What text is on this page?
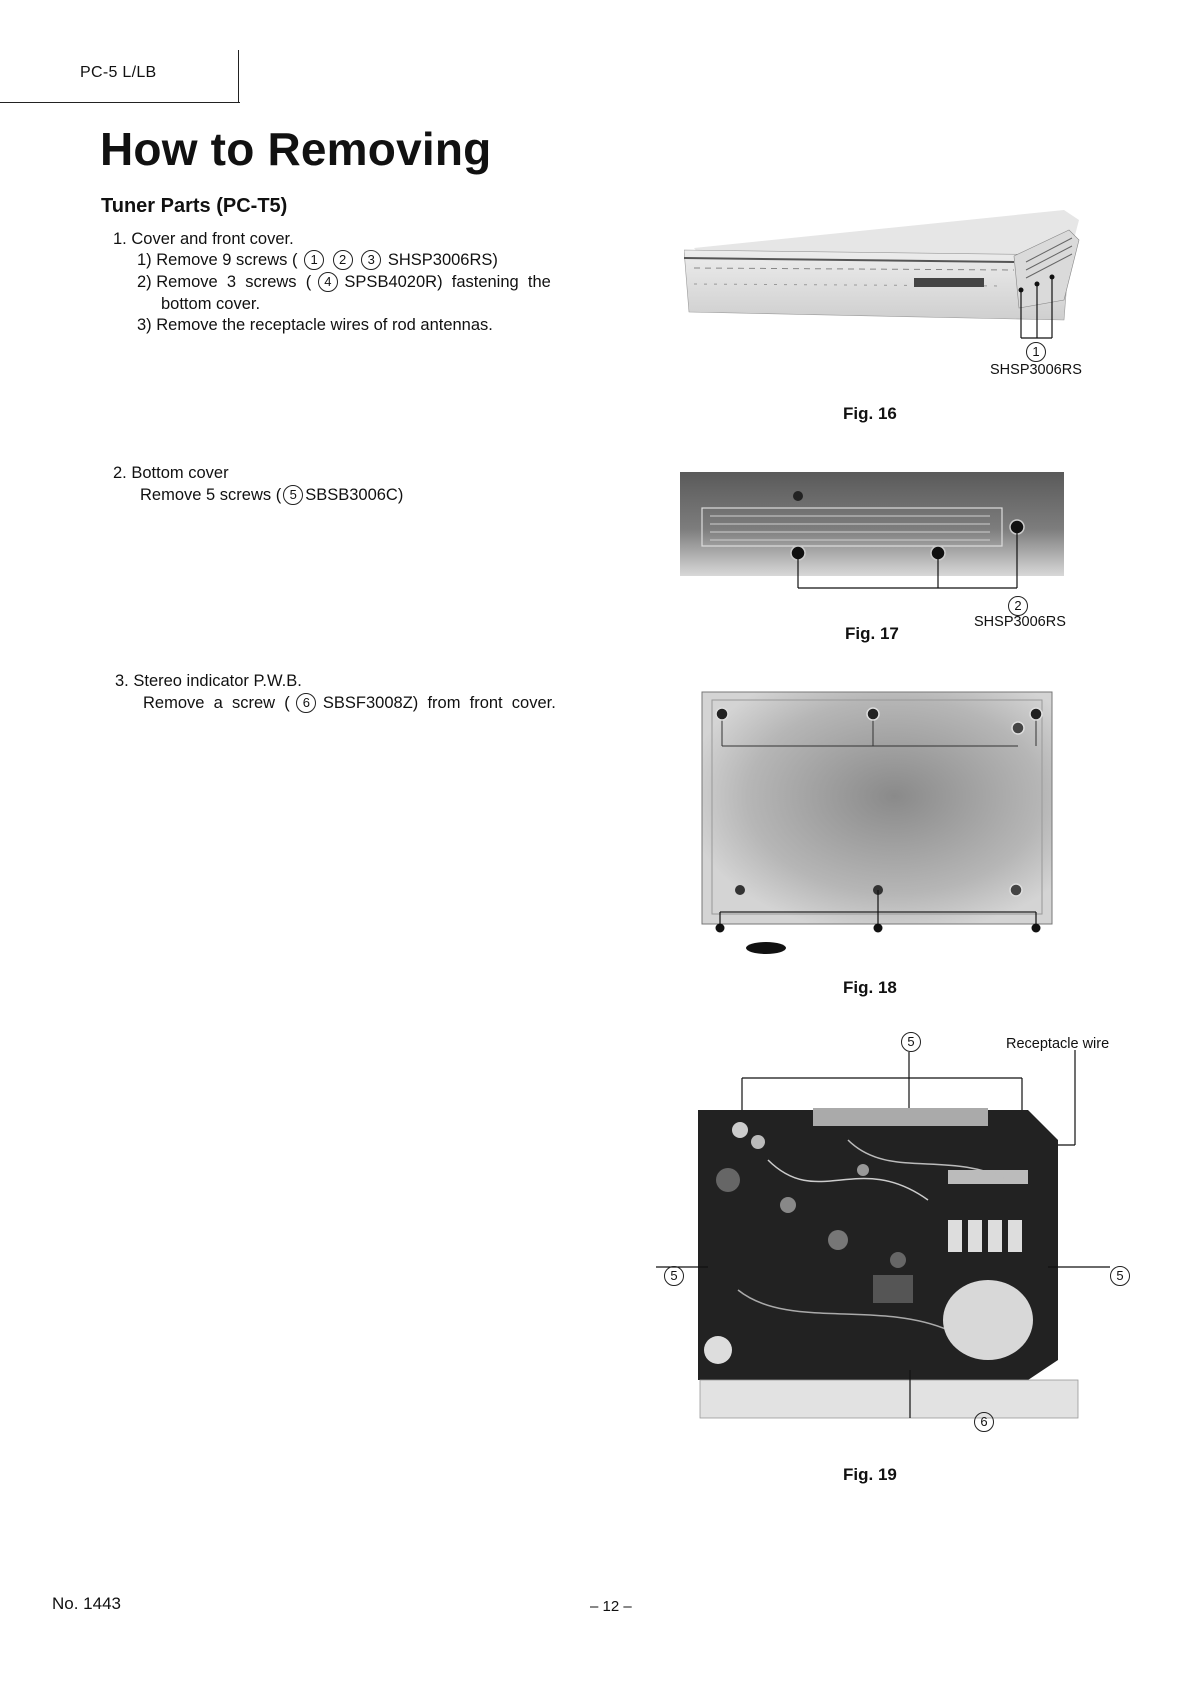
PC-5 L/LB
How to Removing
Tuner Parts (PC-T5)
1. Cover and front cover.
1) Remove 9 screws ( 1 2 3 SHSP3006RS)
2) Remove  3  screws  ( 4 SPSB4020R)  fastening  the
bottom cover.
3) Remove the receptacle wires of rod antennas.
2. Bottom cover
Remove 5 screws ( 5 SBSB3006C)
3. Stereo indicator P.W.B.
Remove  a  screw  ( 6 SBSF3008Z)  from  front  cover.
1
SHSP3006RS
Fig. 16
2
SHSP3006RS
Fig. 17
Fig. 18
5	Receptacle wire
5	5
6
Fig. 19
No. 1443	– 12 –
